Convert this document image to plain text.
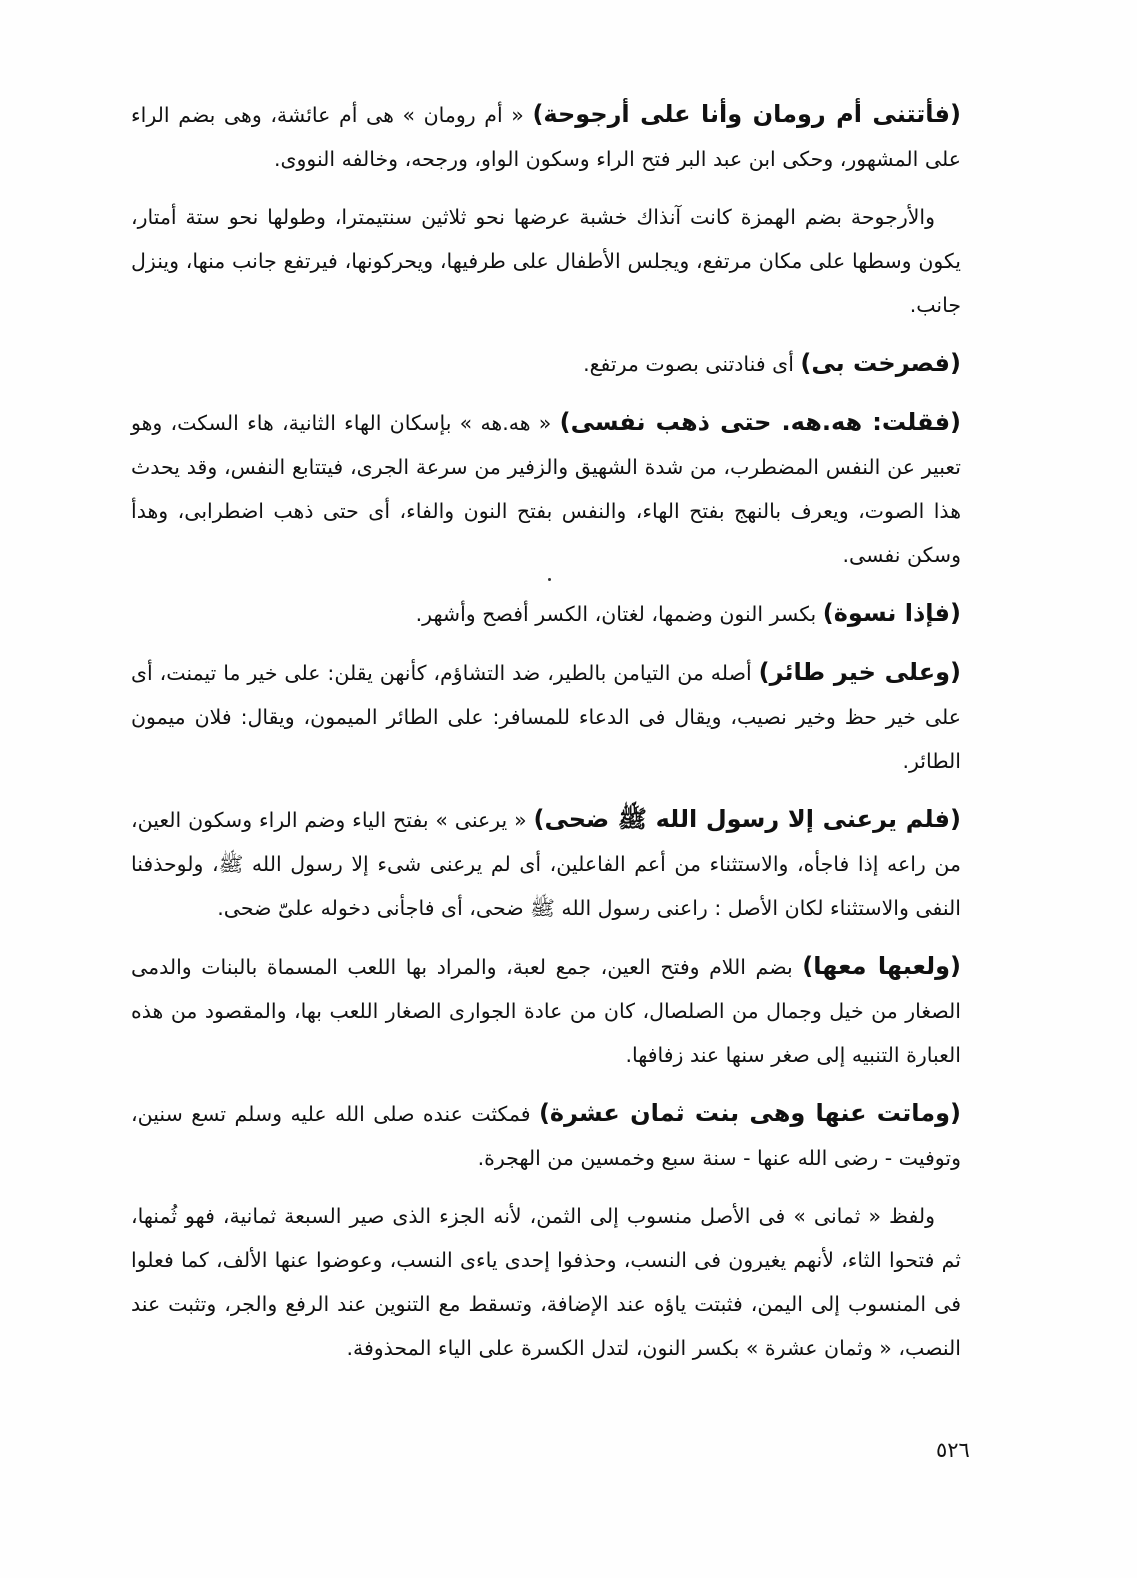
(فأتتنى أم رومان وأنا على أرجوحة) « أم رومان » هى أم عائشة، وهى بضم الراء على المشهور، وحكى ابن عبد البر فتح الراء وسكون الواو، ورجحه، وخالفه النووى.

والأرجوحة بضم الهمزة كانت آنذاك خشبة عرضها نحو ثلاثين سنتيمترا، وطولها نحو ستة أمتار، يكون وسطها على مكان مرتفع، ويجلس الأطفال على طرفيها، ويحركونها، فيرتفع جانب منها، وينزل جانب.

(فصرخت بى) أى فنادتنى بصوت مرتفع.

(فقلت: هه.هه. حتى ذهب نفسى) « هه.هه » بإسكان الهاء الثانية، هاء السكت، وهو تعبير عن النفس المضطرب، من شدة الشهيق والزفير من سرعة الجرى، فيتتابع النفس، وقد يحدث هذا الصوت، ويعرف بالنهج بفتح الهاء، والنفس بفتح النون والفاء، أى حتى ذهب اضطرابى، وهدأ وسكن نفسى.

(فإذا نسوة) بكسر النون وضمها، لغتان، الكسر أفصح وأشهر.

(وعلى خير طائر) أصله من التيامن بالطير، ضد التشاؤم، كأنهن يقلن: على خير ما تيمنت، أى على خير حظ وخير نصيب، ويقال فى الدعاء للمسافر: على الطائر الميمون، ويقال: فلان ميمون الطائر.

(فلم يرعنى إلا رسول الله ﷺ ضحى) « يرعنى » بفتح الياء وضم الراء وسكون العين، من راعه إذا فاجأه، والاستثناء من أعم الفاعلين، أى لم يرعنى شىء إلا رسول الله ﷺ، ولوحذفنا النفى والاستثناء لكان الأصل : راعنى رسول الله ﷺ ضحى، أى فاجأنى دخوله علىّ ضحى.

(ولعبها معها) بضم اللام وفتح العين، جمع لعبة، والمراد بها اللعب المسماة بالبنات والدمى الصغار من خيل وجمال من الصلصال، كان من عادة الجوارى الصغار اللعب بها، والمقصود من هذه العبارة التنبيه إلى صغر سنها عند زفافها.

(وماتت عنها وهى بنت ثمان عشرة) فمكثت عنده صلى الله عليه وسلم تسع سنين، وتوفيت - رضى الله عنها - سنة سبع وخمسين من الهجرة.

ولفظ « ثمانى » فى الأصل منسوب إلى الثمن، لأنه الجزء الذى صير السبعة ثمانية، فهو ثُمنها، ثم فتحوا الثاء، لأنهم يغيرون فى النسب، وحذفوا إحدى ياءى النسب، وعوضوا عنها الألف، كما فعلوا فى المنسوب إلى اليمن، فثبتت ياؤه عند الإضافة، وتسقط مع التنوين عند الرفع والجر، وتثبت عند النصب، « وثمان عشرة » بكسر النون، لتدل الكسرة على الياء المحذوفة.

٥٢٦
